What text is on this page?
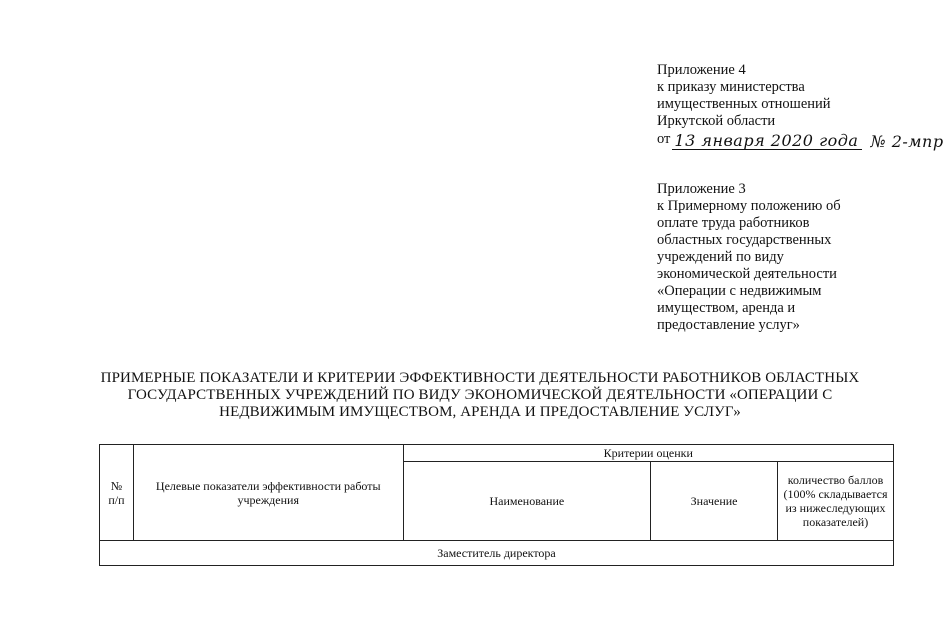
Приложение 4
к приказу министерства
имущественных отношений
Иркутской области
от 13 января 2020 года № 2-мпр
Приложение 3
к Примерному положению об
оплате труда работников
областных государственных
учреждений по виду
экономической деятельности
«Операции с недвижимым
имуществом, аренда и
предоставление услуг»
ПРИМЕРНЫЕ ПОКАЗАТЕЛИ И КРИТЕРИИ ЭФФЕКТИВНОСТИ ДЕЯТЕЛЬНОСТИ РАБОТНИКОВ ОБЛАСТНЫХ
ГОСУДАРСТВЕННЫХ УЧРЕЖДЕНИЙ ПО ВИДУ ЭКОНОМИЧЕСКОЙ ДЕЯТЕЛЬНОСТИ «ОПЕРАЦИИ С
НЕДВИЖИМЫМ ИМУЩЕСТВОМ, АРЕНДА И ПРЕДОСТАВЛЕНИЕ УСЛУГ»
№
п/п	Целевые показатели эффективности работы учреждения	Критерии оценки		
		Наименование	Значение	количество баллов (100% складывается из нижеследующих показателей)
Заместитель директора				
